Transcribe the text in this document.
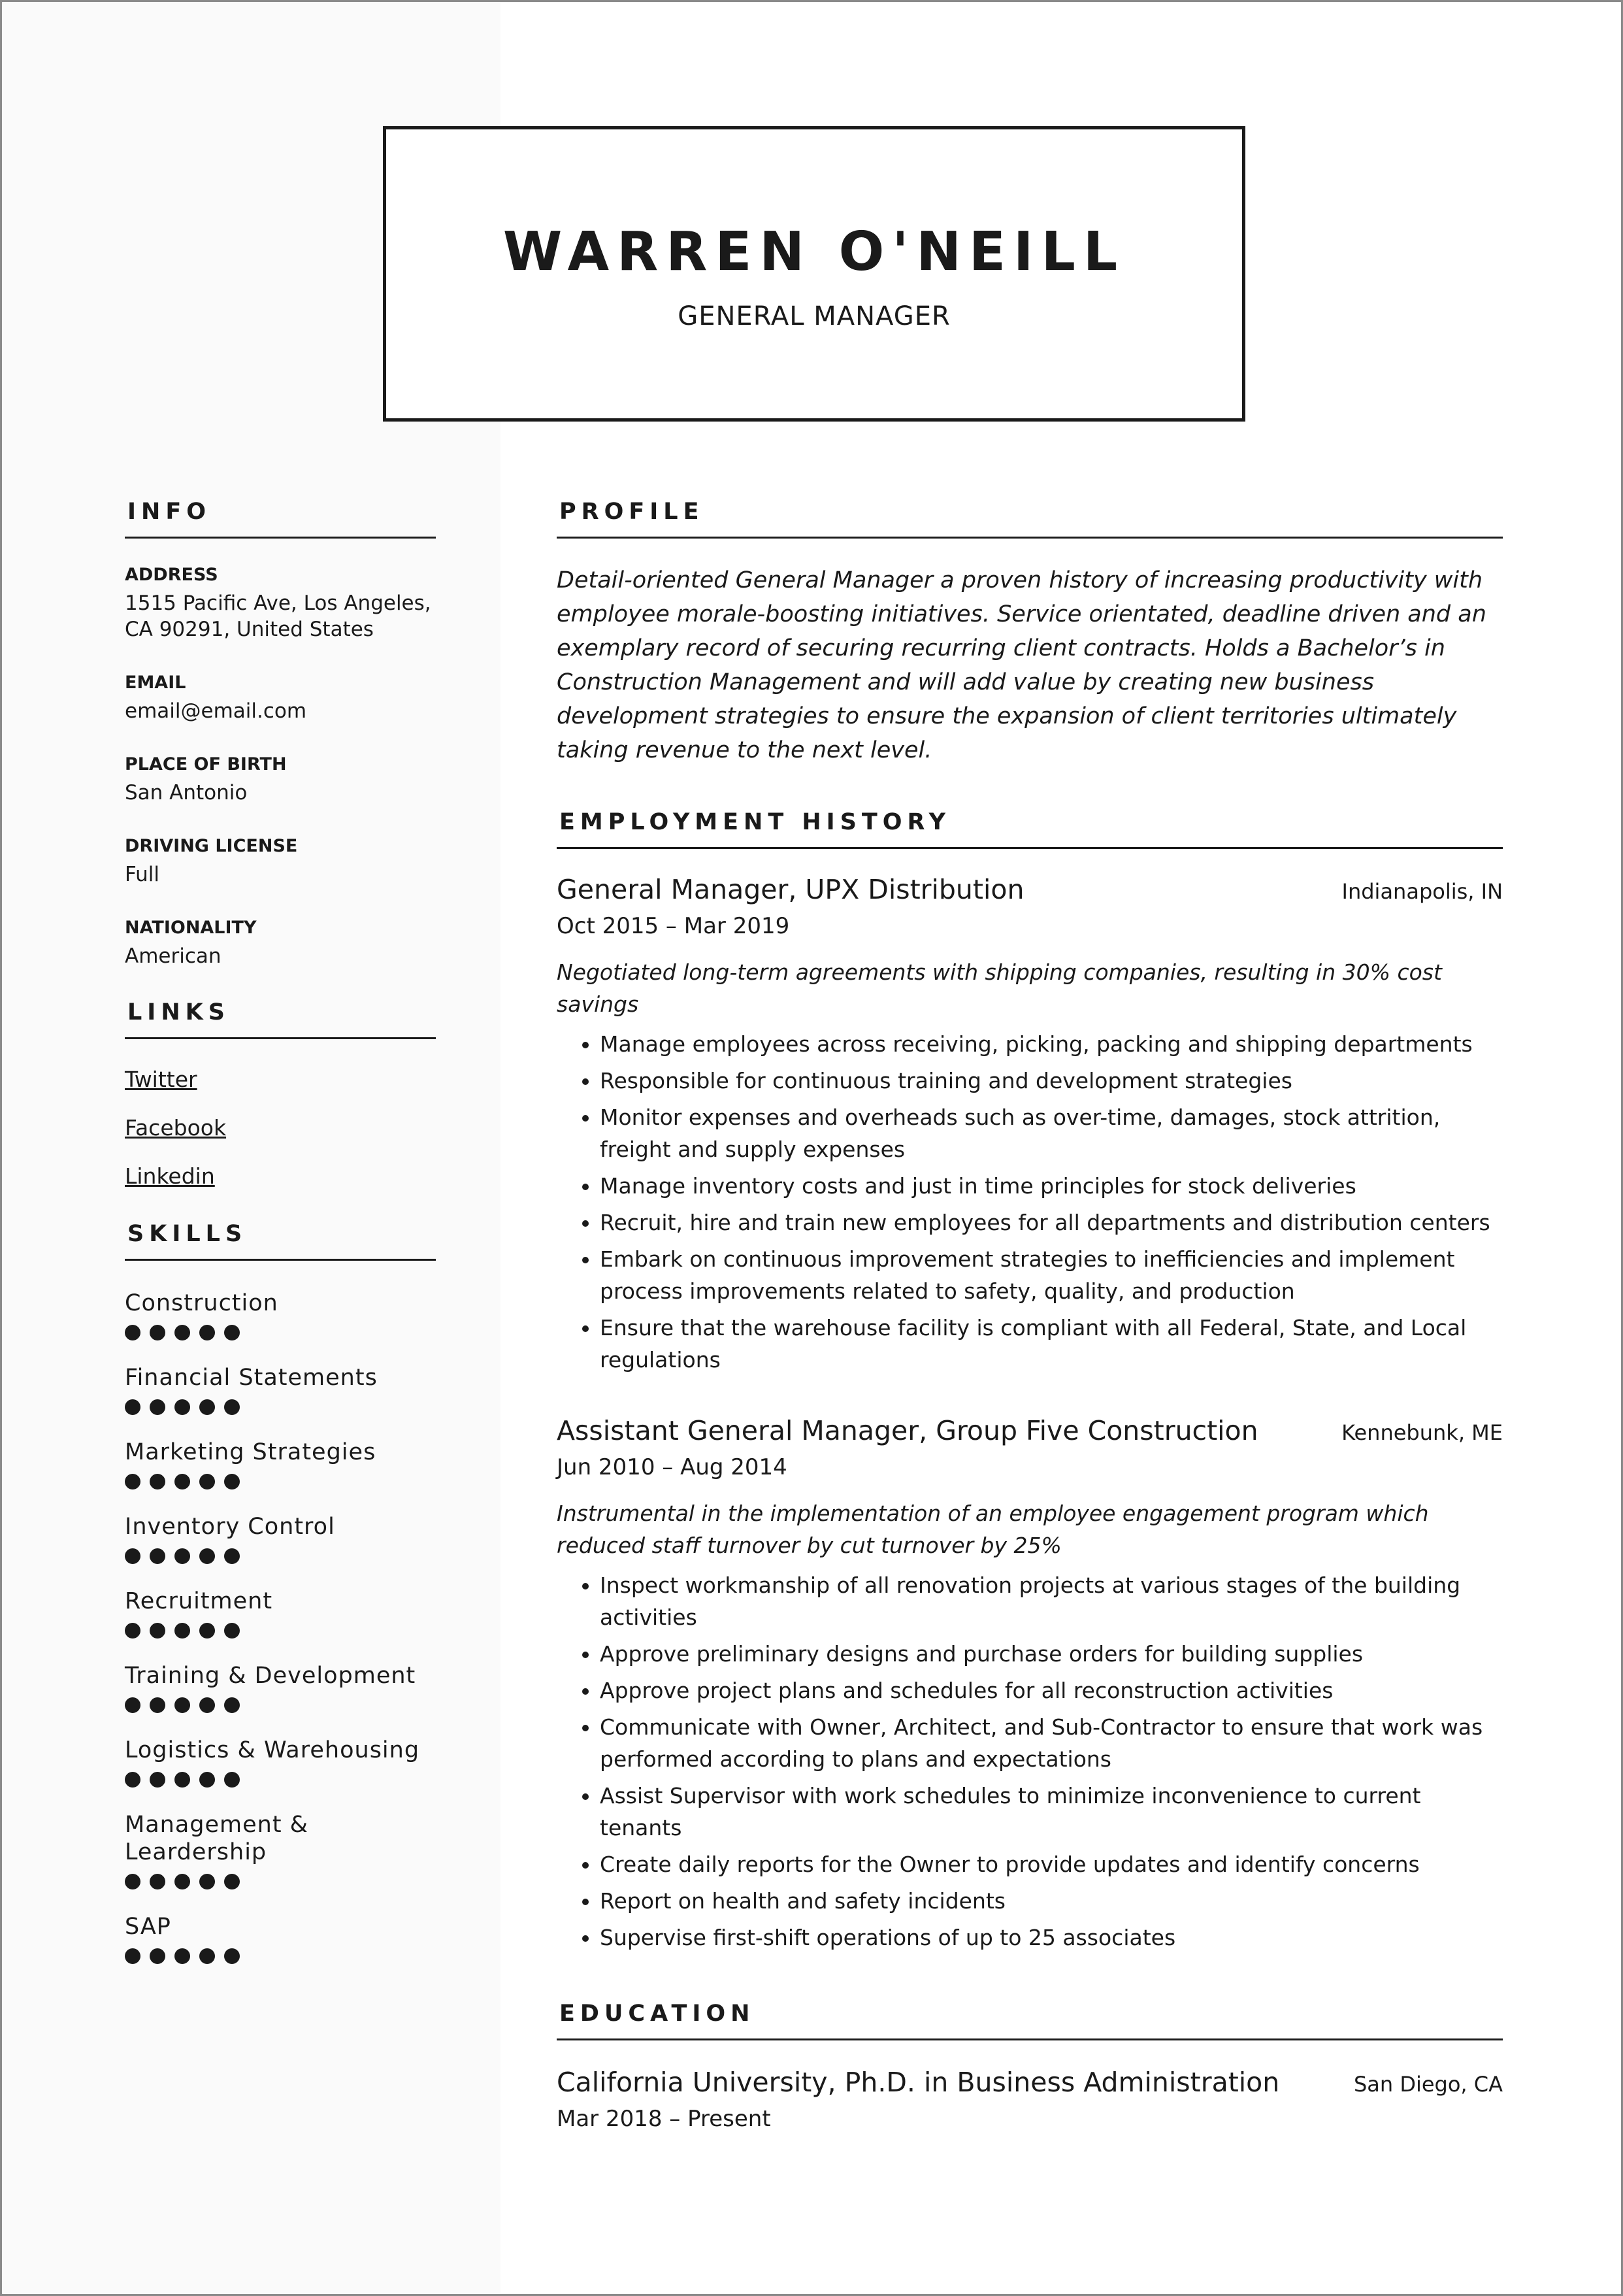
WARREN O'NEILL
GENERAL MANAGER
INFO
ADDRESS
1515 Pacific Ave, Los Angeles, CA 90291, United States
EMAIL
email@email.com
PLACE OF BIRTH
San Antonio
DRIVING LICENSE
Full
NATIONALITY
American
LINKS
Twitter
Facebook
Linkedin
SKILLS
Construction
Financial Statements
Marketing Strategies
Inventory Control
Recruitment
Training & Development
Logistics & Warehousing
Management & Leardership
SAP
PROFILE
Detail-oriented General Manager a proven history of increasing productivity with employee morale-boosting initiatives. Service orientated, deadline driven and an exemplary record of securing recurring client contracts. Holds a Bachelor’s in Construction Management and will add value by creating new business development strategies to ensure the expansion of client territories ultimately taking revenue to the next level.
EMPLOYMENT HISTORY
General Manager, UPX Distribution	Indianapolis, IN
Oct 2015 – Mar 2019
Negotiated long-term agreements with shipping companies, resulting in 30% cost savings
• Manage employees across receiving, picking, packing and shipping departments
• Responsible for continuous training and development strategies
• Monitor expenses and overheads such as over-time, damages, stock attrition, freight and supply expenses
• Manage inventory costs and just in time principles for stock deliveries
• Recruit, hire and train new employees for all departments and distribution centers
• Embark on continuous improvement strategies to inefficiencies and implement process improvements related to safety, quality, and production
• Ensure that the warehouse facility is compliant with all Federal, State, and Local regulations
Assistant General Manager, Group Five Construction	Kennebunk, ME
Jun 2010 – Aug 2014
Instrumental in the implementation of an employee engagement program which reduced staff turnover by cut turnover by 25%
• Inspect workmanship of all renovation projects at various stages of the building activities
• Approve preliminary designs and purchase orders for building supplies
• Approve project plans and schedules for all reconstruction activities
• Communicate with Owner, Architect, and Sub-Contractor to ensure that work was performed according to plans and expectations
• Assist Supervisor with work schedules to minimize inconvenience to current tenants
• Create daily reports for the Owner to provide updates and identify concerns
• Report on health and safety incidents
• Supervise first-shift operations of up to 25 associates
EDUCATION
California University, Ph.D. in Business Administration	San Diego, CA
Mar 2018 – Present
